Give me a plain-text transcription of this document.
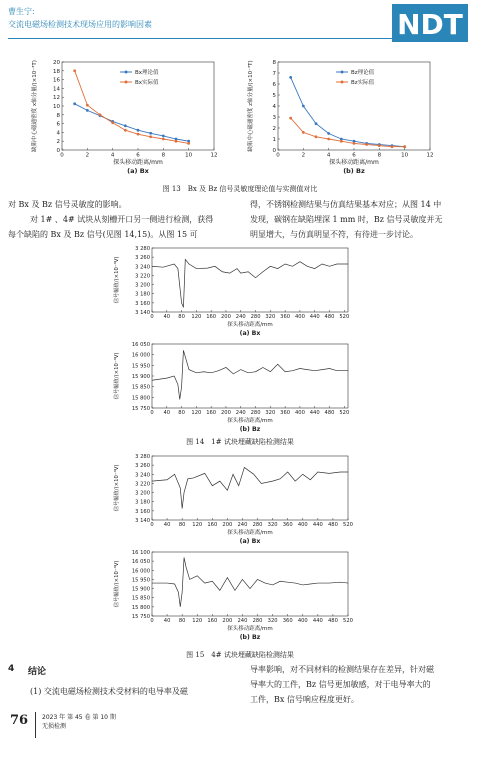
曹生宁:
交流电磁场检测技术现场应用的影响因素	NDT
0
2
4
6
8
10
12
14
16
18
20
0	2	4	6	8	10	12
缺陷中心磁通密度 x轴分量/(×10⁻³T)
探头移动距离/mm
(a) Bx
Bx理论值
Bx实际值
0
1
2
3
4
5
6
7
8
0	2	4	6	8	10	12
缺陷中心磁通密度 z轴分量/(×10⁻³T)
探头移动距离/mm
(b) Bz
Bz理论值
Bz实际值
图 13　Bx 及 Bz 信号灵敏度理论值与实测值对比
对 Bx 及 Bz 信号灵敏度的影响。
对 1# 、4# 试块从刻槽开口另一侧进行检测，获得
每个缺陷的 Bx 及 Bz 信号(见图 14,15)。从图 15 可
得，不锈钢检测结果与仿真结果基本对应；从图 14 中
发现，碳钢在缺陷埋深 1 mm 时，Bz 信号灵敏度并无
明显增大，与仿真明显不符，有待进一步讨论。
3 140
3 160
3 180
3 200
3 220
3 240
3 260
3 280
0 40 80 120 160 200 240 280 320 360 400 440 480 520
信号幅值/(×10⁻⁴V)
探头移动距离/mm
(a) Bx
15 750
15 800
15 850
15 900
15 950
16 000
16 050
0 40 80 120 160 200 240 280 320 360 400 440 480 520
信号幅值/(×10⁻⁴V)
探头移动距离/mm
(b) Bz
图 14　1# 试块埋藏缺陷检测结果
3 140
3 160
3 180
3 200
3 220
3 240
3 260
3 280
0 40 80 120 160 200 240 280 320 360 400 440 480 520
信号幅值/(×10⁻⁴V)
探头移动距离/mm
(a) Bx
15 750
15 800
15 850
15 900
15 950
16 000
16 050
16 100
0 40 80 120 160 200 240 280 320 360 400 440 480 520
信号幅值/(×10⁻⁴V)
探头移动距离/mm
(b) Bz
图 15　4# 试块埋藏缺陷检测结果
4 结论
(1) 交流电磁场检测技术受材料的电导率及磁
导率影响，对不同材料的检测结果存在差异，针对磁
导率大的工件，Bz 信号更加敏感，对于电导率大的
工件，Bx 信号响应程度更好。
76 2023 年 第 45 卷 第 10 期
无损检测
